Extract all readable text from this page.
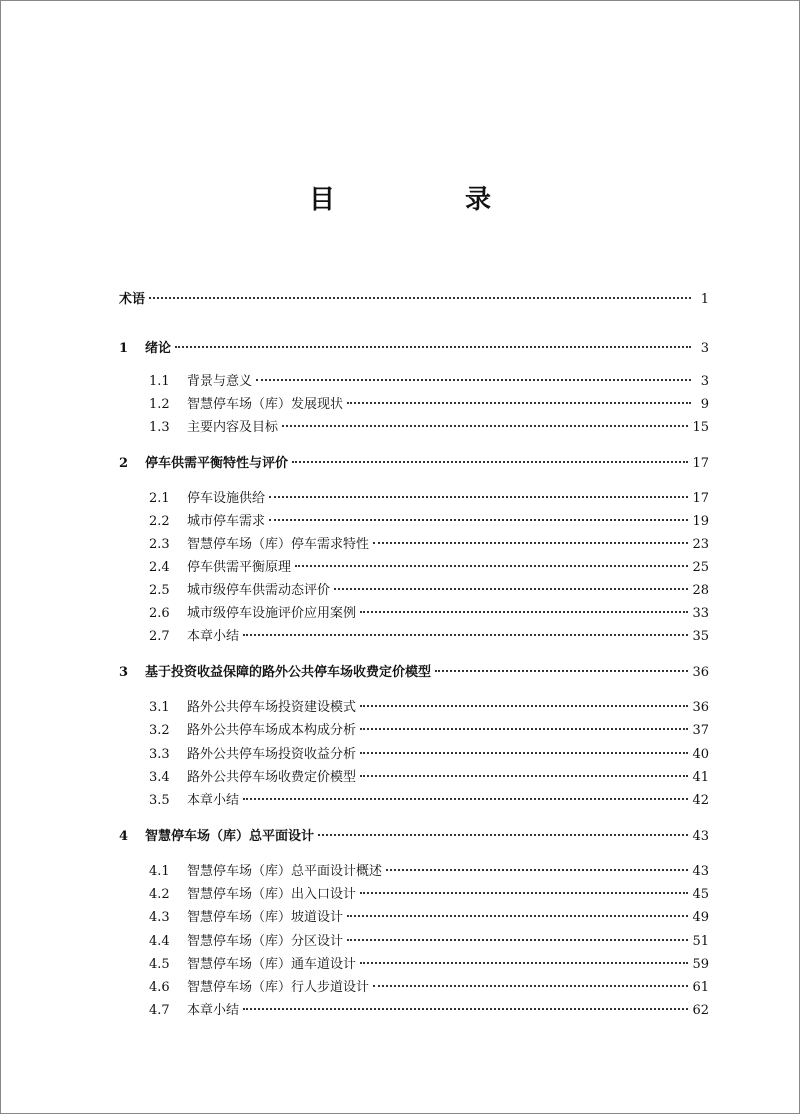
目　录
术语	1
1	绪论	3
1.1	背景与意义	3
1.2	智慧停车场（库）发展现状	9
1.3	主要内容及目标	15
2	停车供需平衡特性与评价	17
2.1	停车设施供给	17
2.2	城市停车需求	19
2.3	智慧停车场（库）停车需求特性	23
2.4	停车供需平衡原理	25
2.5	城市级停车供需动态评价	28
2.6	城市级停车设施评价应用案例	33
2.7	本章小结	35
3	基于投资收益保障的路外公共停车场收费定价模型	36
3.1	路外公共停车场投资建设模式	36
3.2	路外公共停车场成本构成分析	37
3.3	路外公共停车场投资收益分析	40
3.4	路外公共停车场收费定价模型	41
3.5	本章小结	42
4	智慧停车场（库）总平面设计	43
4.1	智慧停车场（库）总平面设计概述	43
4.2	智慧停车场（库）出入口设计	45
4.3	智慧停车场（库）坡道设计	49
4.4	智慧停车场（库）分区设计	51
4.5	智慧停车场（库）通车道设计	59
4.6	智慧停车场（库）行人步道设计	61
4.7	本章小结	62
